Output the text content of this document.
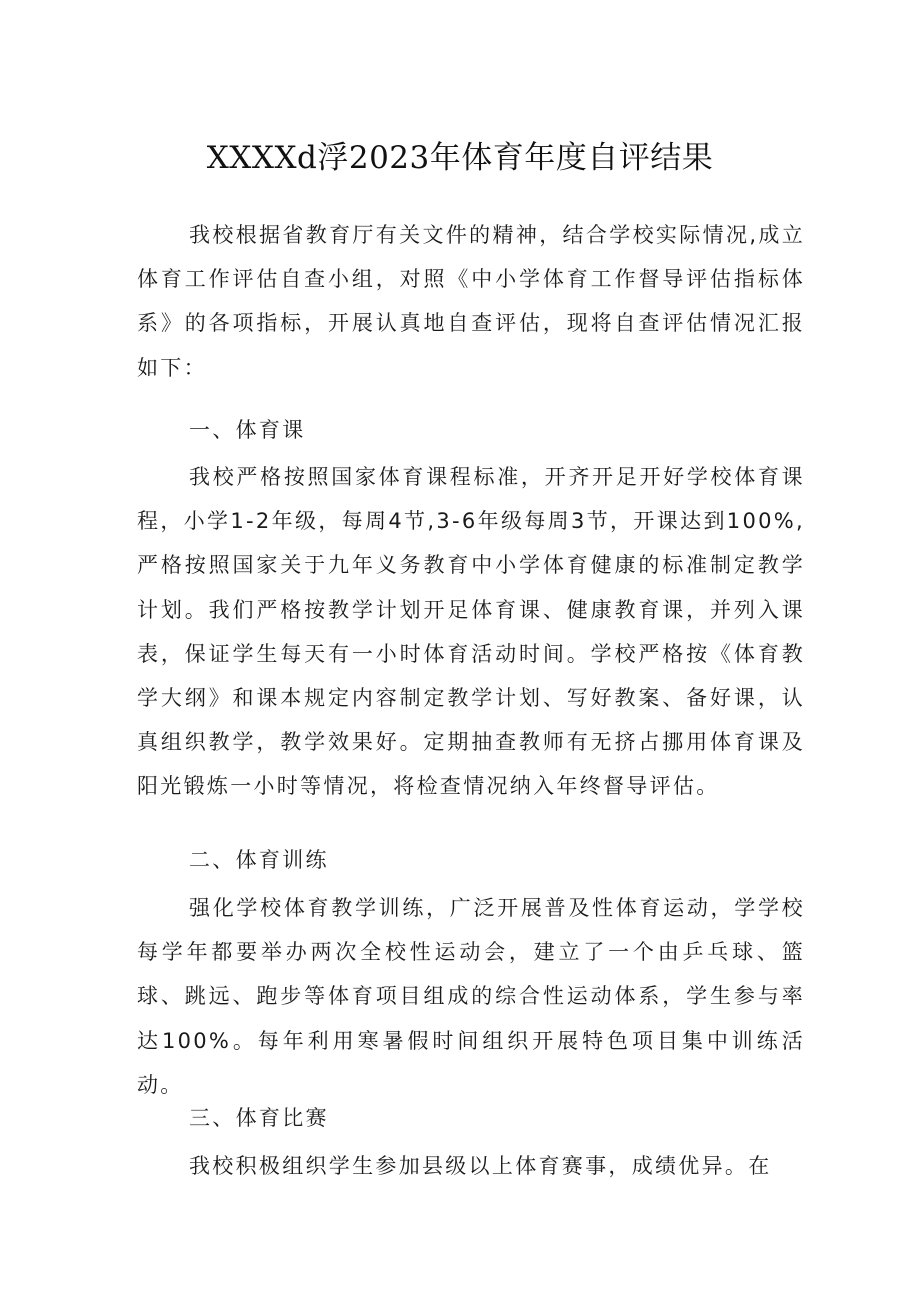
XXXXd浮2023年体育年度自评结果

我校根据省教育厅有关文件的精神，结合学校实际情况,成立体育工作评估自查小组，对照《中小学体育工作督导评估指标体系》的各项指标，开展认真地自查评估，现将自查评估情况汇报如下：

一、体育课

我校严格按照国家体育课程标准，开齐开足开好学校体育课程，小学1-2年级，每周4节,3-6年级每周3节，开课达到100%,严格按照国家关于九年义务教育中小学体育健康的标准制定教学计划。我们严格按教学计划开足体育课、健康教育课，并列入课表，保证学生每天有一小时体育活动时间。学校严格按《体育教学大纲》和课本规定内容制定教学计划、写好教案、备好课，认真组织教学，教学效果好。定期抽查教师有无挤占挪用体育课及阳光锻炼一小时等情况，将检查情况纳入年终督导评估。

二、体育训练

强化学校体育教学训练，广泛开展普及性体育运动，学学校每学年都要举办两次全校性运动会，建立了一个由乒乓球、篮球、跳远、跑步等体育项目组成的综合性运动体系，学生参与率达100%。每年利用寒暑假时间组织开展特色项目集中训练活动。

三、体育比赛

我校积极组织学生参加县级以上体育赛事，成绩优异。在
